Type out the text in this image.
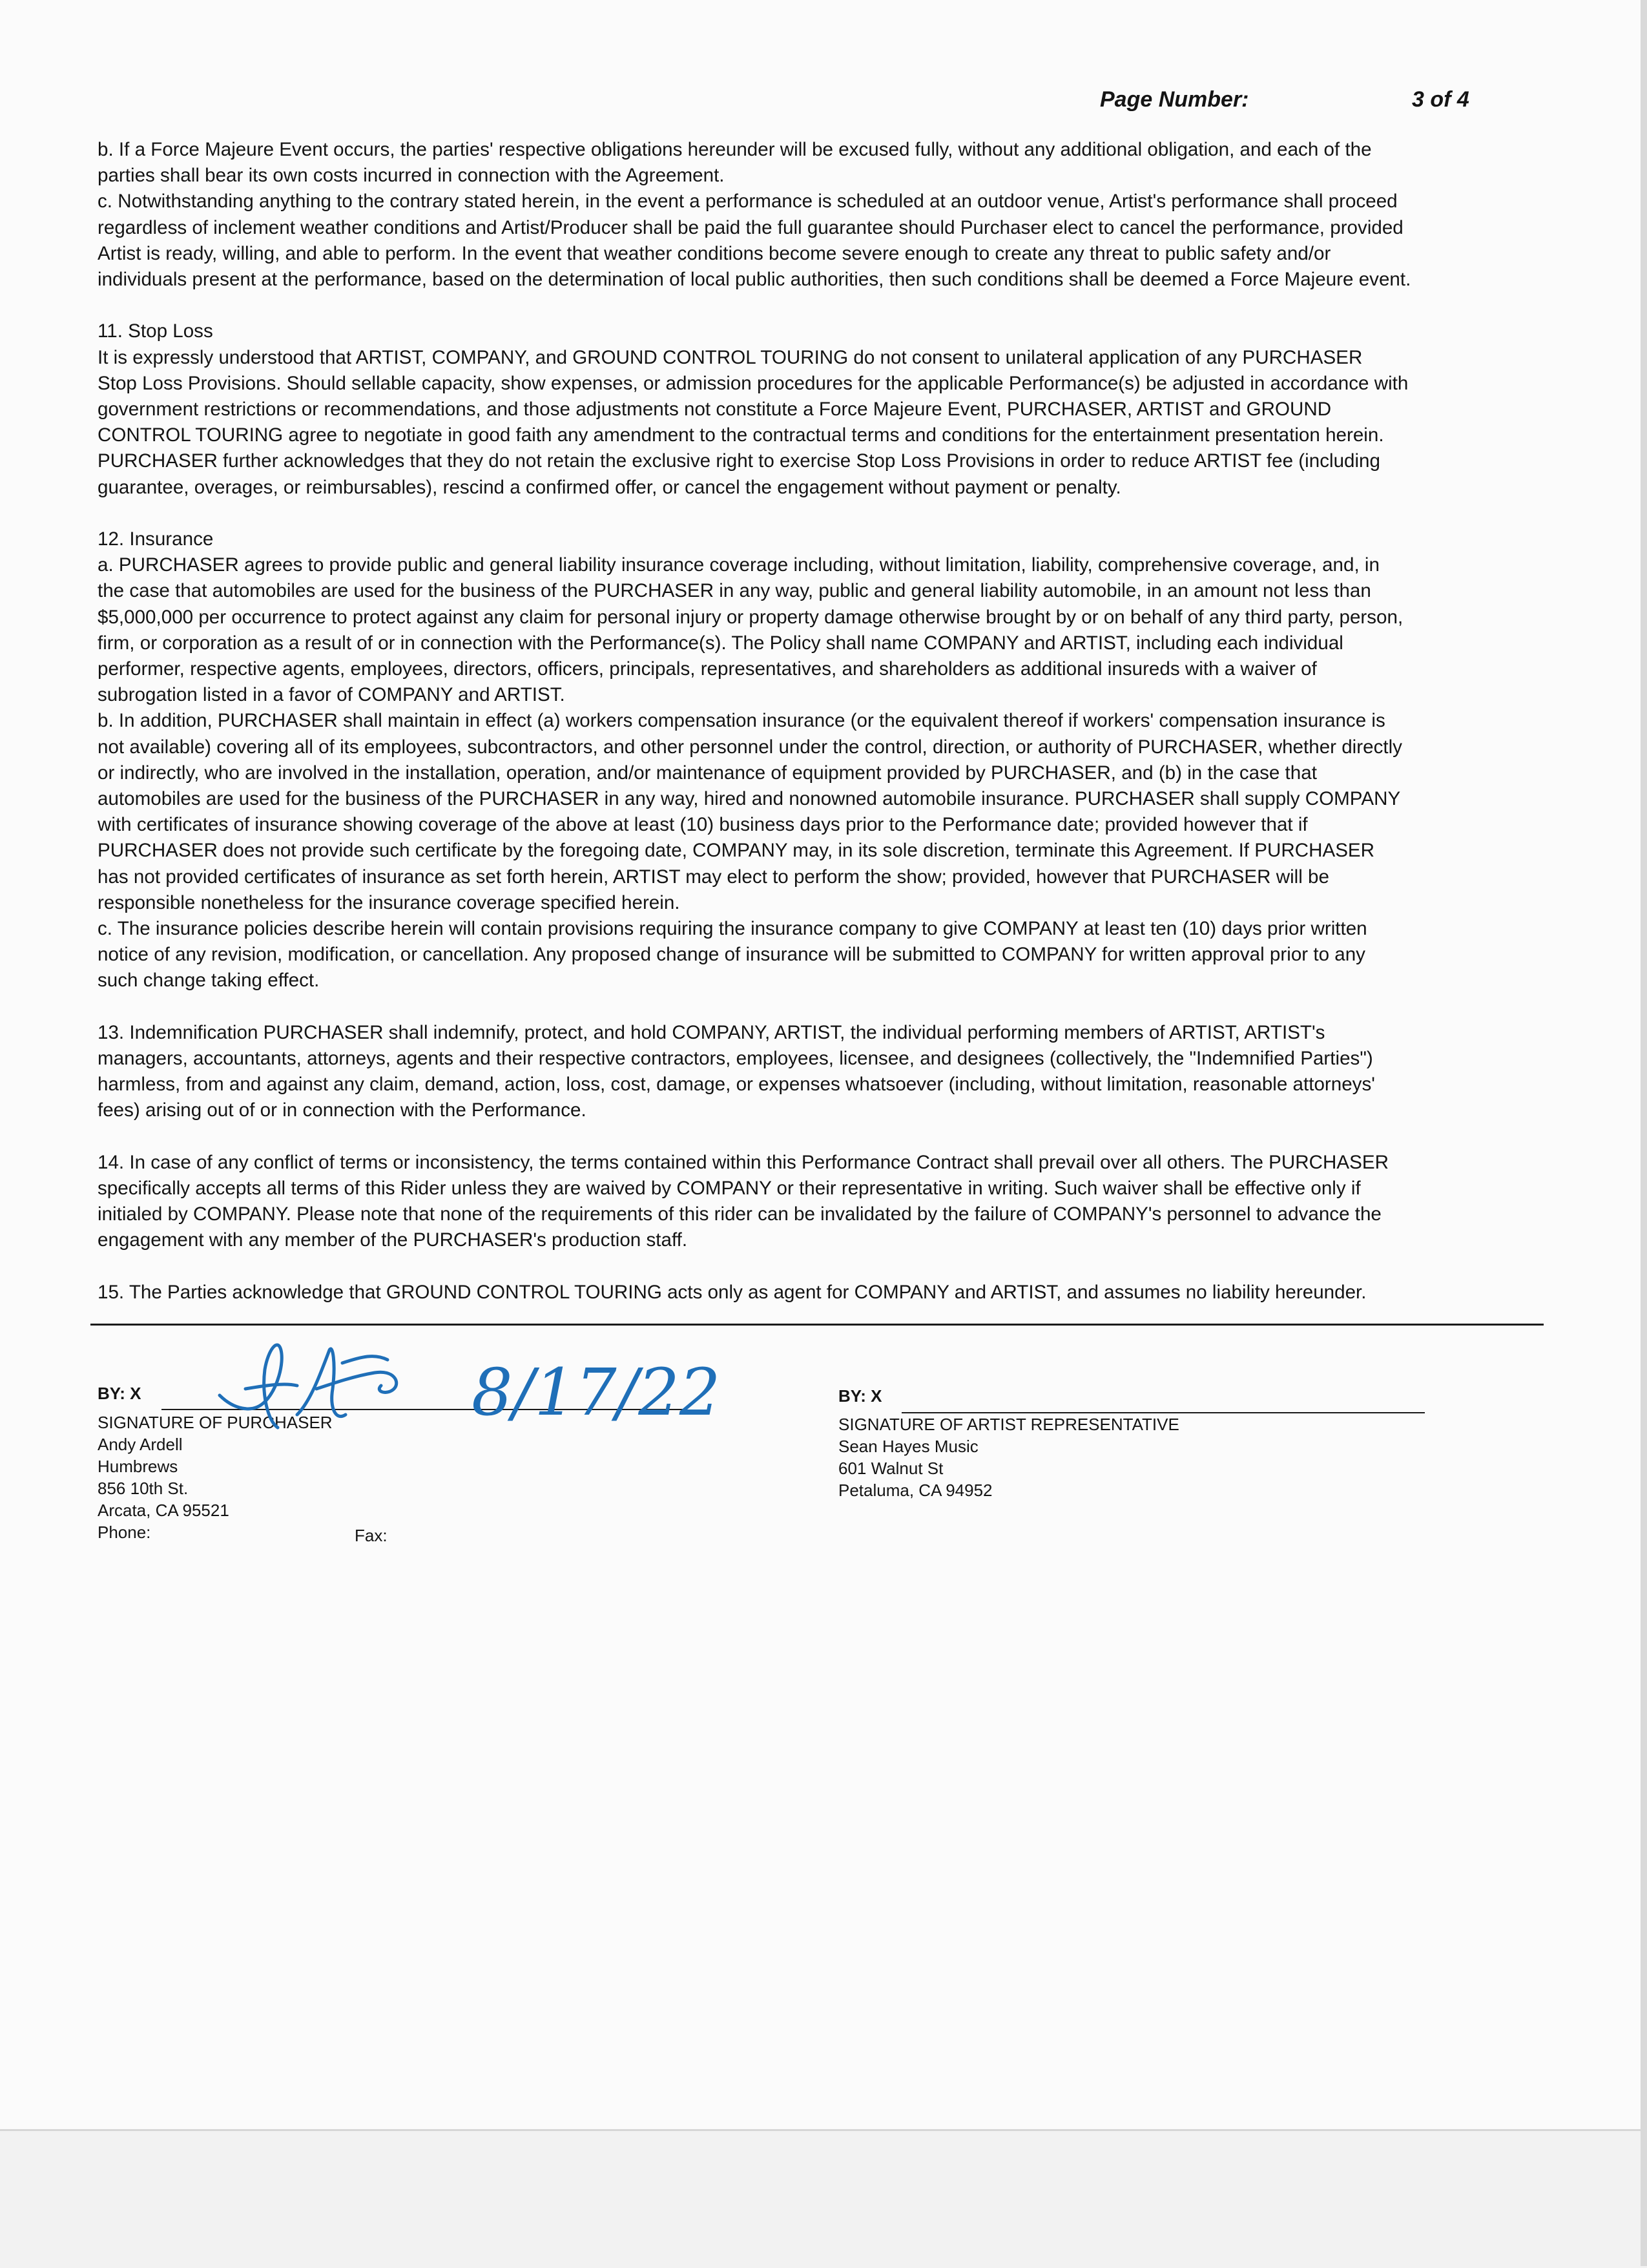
Page Number:	3 of 4
b. If a Force Majeure Event occurs, the parties' respective obligations hereunder will be excused fully, without any additional obligation, and each of the
parties shall bear its own costs incurred in connection with the Agreement.
c. Notwithstanding anything to the contrary stated herein, in the event a performance is scheduled at an outdoor venue, Artist's performance shall proceed
regardless of inclement weather conditions and Artist/Producer shall be paid the full guarantee should Purchaser elect to cancel the performance, provided
Artist is ready, willing, and able to perform. In the event that weather conditions become severe enough to create any threat to public safety and/or
individuals present at the performance, based on the determination of local public authorities, then such conditions shall be deemed a Force Majeure event.
11. Stop Loss
It is expressly understood that ARTIST, COMPANY, and GROUND CONTROL TOURING do not consent to unilateral application of any PURCHASER
Stop Loss Provisions. Should sellable capacity, show expenses, or admission procedures for the applicable Performance(s) be adjusted in accordance with
government restrictions or recommendations, and those adjustments not constitute a Force Majeure Event, PURCHASER, ARTIST and GROUND
CONTROL TOURING agree to negotiate in good faith any amendment to the contractual terms and conditions for the entertainment presentation herein.
PURCHASER further acknowledges that they do not retain the exclusive right to exercise Stop Loss Provisions in order to reduce ARTIST fee (including
guarantee, overages, or reimbursables), rescind a confirmed offer, or cancel the engagement without payment or penalty.
12. Insurance
a. PURCHASER agrees to provide public and general liability insurance coverage including, without limitation, liability, comprehensive coverage, and, in
the case that automobiles are used for the business of the PURCHASER in any way, public and general liability automobile, in an amount not less than
$5,000,000 per occurrence to protect against any claim for personal injury or property damage otherwise brought by or on behalf of any third party, person,
firm, or corporation as a result of or in connection with the Performance(s). The Policy shall name COMPANY and ARTIST, including each individual
performer, respective agents, employees, directors, officers, principals, representatives, and shareholders as additional insureds with a waiver of
subrogation listed in a favor of COMPANY and ARTIST.
b. In addition, PURCHASER shall maintain in effect (a) workers compensation insurance (or the equivalent thereof if workers' compensation insurance is
not available) covering all of its employees, subcontractors, and other personnel under the control, direction, or authority of PURCHASER, whether directly
or indirectly, who are involved in the installation, operation, and/or maintenance of equipment provided by PURCHASER, and (b) in the case that
automobiles are used for the business of the PURCHASER in any way, hired and nonowned automobile insurance. PURCHASER shall supply COMPANY
with certificates of insurance showing coverage of the above at least (10) business days prior to the Performance date; provided however that if
PURCHASER does not provide such certificate by the foregoing date, COMPANY may, in its sole discretion, terminate this Agreement. If PURCHASER
has not provided certificates of insurance as set forth herein, ARTIST may elect to perform the show; provided, however that PURCHASER will be
responsible nonetheless for the insurance coverage specified herein.
c. The insurance policies describe herein will contain provisions requiring the insurance company to give COMPANY at least ten (10) days prior written
notice of any revision, modification, or cancellation. Any proposed change of insurance will be submitted to COMPANY for written approval prior to any
such change taking effect.
13. Indemnification PURCHASER shall indemnify, protect, and hold COMPANY, ARTIST, the individual performing members of ARTIST, ARTIST's
managers, accountants, attorneys, agents and their respective contractors, employees, licensee, and designees (collectively, the "Indemnified Parties")
harmless, from and against any claim, demand, action, loss, cost, damage, or expenses whatsoever (including, without limitation, reasonable attorneys'
fees) arising out of or in connection with the Performance.
14. In case of any conflict of terms or inconsistency, the terms contained within this Performance Contract shall prevail over all others. The PURCHASER
specifically accepts all terms of this Rider unless they are waived by COMPANY or their representative in writing. Such waiver shall be effective only if
initialed by COMPANY. Please note that none of the requirements of this rider can be invalidated by the failure of COMPANY's personnel to advance the
engagement with any member of the PURCHASER's production staff.
15. The Parties acknowledge that GROUND CONTROL TOURING acts only as agent for COMPANY and ARTIST, and assumes no liability hereunder.
BY: X
SIGNATURE OF PURCHASER
Andy Ardell
Humbrews
856 10th St.
Arcata, CA 95521
Phone:	Fax:
8/17/22	BY: X
SIGNATURE OF ARTIST REPRESENTATIVE
Sean Hayes Music
601 Walnut St
Petaluma, CA 94952
